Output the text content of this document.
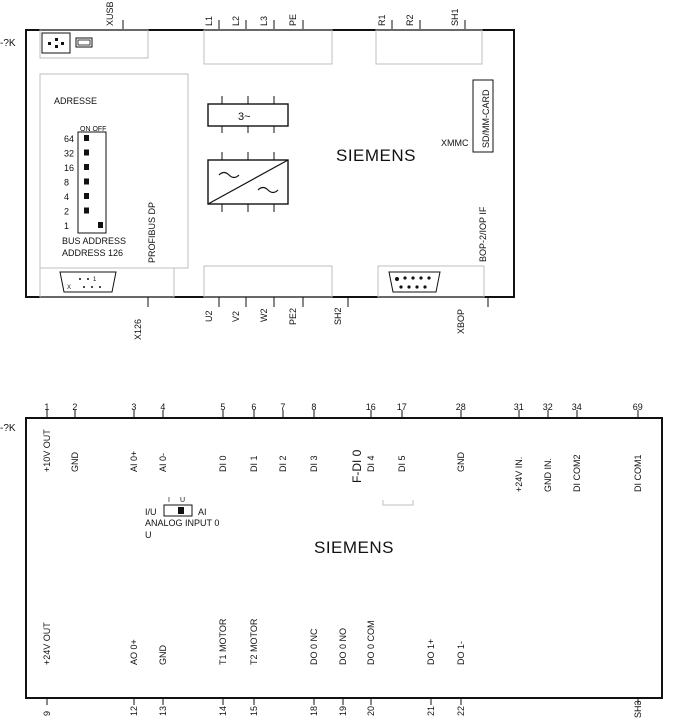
-?K
XUSB	L1 L2 L3 PE	R1 R2	SH1
ADRESSE
ON OFF
64
32
16
8
4
2
1
BUS ADDRESS
ADDRESS 126	PROFIBUS DP
3~
SIEMENS
SD/MM-CARD
XMMC
BOP-2/IOP IF
1
X
X126
U2 V2 W2 PE2	SH2	XBOP
-?K
1
+10V OUT
2
GND
3
AI 0+
4
AI 0-
5
DI 0
6
DI 1
7
DI 2
8
DI 3
16
DI 4
17
DI 5
28
GND
31
+24V IN.
32
GND IN.
34
DI COM2
69
DI COM1
9
+24V OUT
12
AO 0+
13
GND
14
T1 MOTOR
15
T2 MOTOR
18
DO 0 NC
19
DO 0 NO
20
DO 0 COM
21
DO 1+
22
DO 1-
SH3
F-DI 0
I U
I/U	AI
ANALOG INPUT 0
U
SIEMENS
